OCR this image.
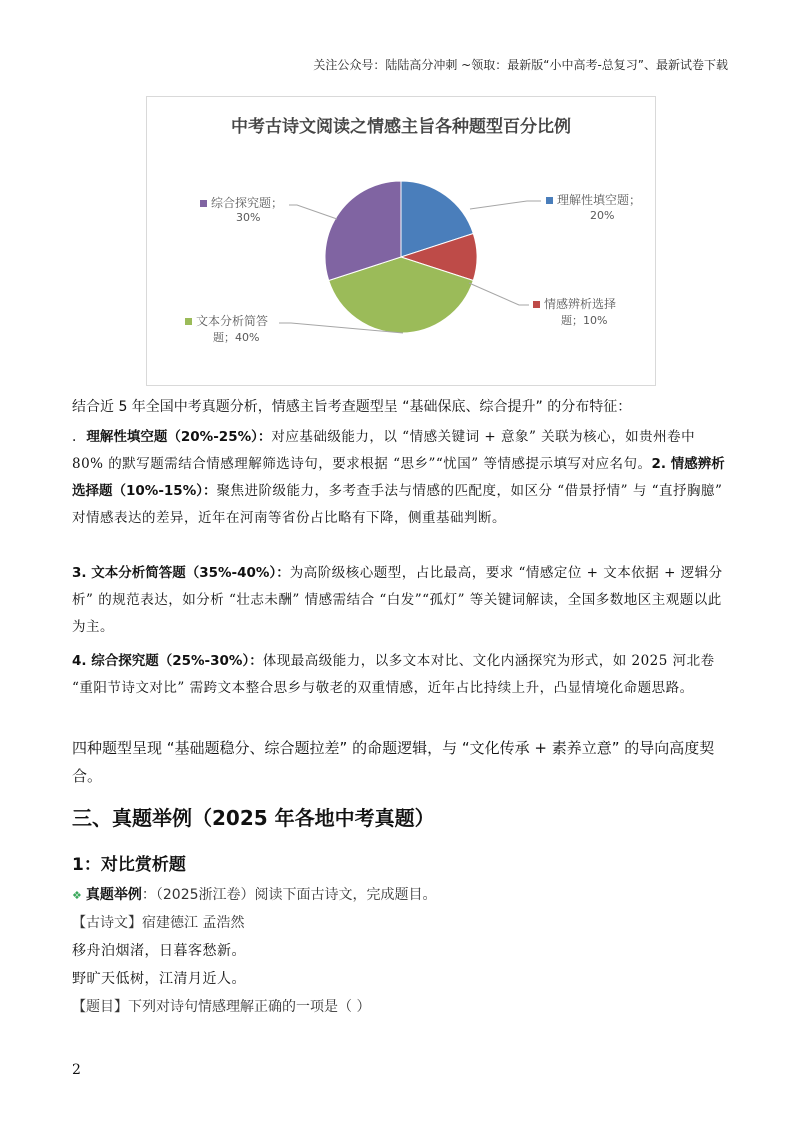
关注公众号：陆陆高分冲刺 ~领取：最新版“小中高考-总复习”、最新试卷下载
中考古诗文阅读之情感主旨各种题型百分比例
理解性填空题；
20%
情感辨析选择
题；10%
文本分析简答
题；40%
综合探究题；
30%
结合近 5 年全国中考真题分析，情感主旨考查题型呈 “基础保底、综合提升” 的分布特征：
. 理解性填空题（20%-25%）：对应基础级能力，以 “情感关键词 + 意象” 关联为核心，如贵州卷中 80% 的默写题需结合情感理解筛选诗句，要求根据 “思乡”“忧国” 等情感提示填写对应名句。2. 情感辨析选择题（10%-15%）：聚焦进阶级能力，多考查手法与情感的匹配度，如区分 “借景抒情” 与 “直抒胸臆” 对情感表达的差异，近年在河南等省份占比略有下降，侧重基础判断。
3. 文本分析简答题（35%-40%）：为高阶级核心题型，占比最高，要求 “情感定位 + 文本依据 + 逻辑分析” 的规范表达，如分析 “壮志未酬” 情感需结合 “白发”“孤灯” 等关键词解读，全国多数地区主观题以此为主。
4. 综合探究题（25%-30%）：体现最高级能力，以多文本对比、文化内涵探究为形式，如 2025 河北卷 “重阳节诗文对比” 需跨文本整合思乡与敬老的双重情感，近年占比持续上升，凸显情境化命题思路。
四种题型呈现 “基础题稳分、综合题拉差” 的命题逻辑，与 “文化传承 + 素养立意” 的导向高度契合。
三、真题举例（2025 年各地中考真题）
1：对比赏析题
❖ 真题举例：（2025浙江卷）阅读下面古诗文，完成题目。
【古诗文】宿建德江 孟浩然
移舟泊烟渚，日暮客愁新。
野旷天低树，江清月近人。
【题目】下列对诗句情感理解正确的一项是（ ）
2
